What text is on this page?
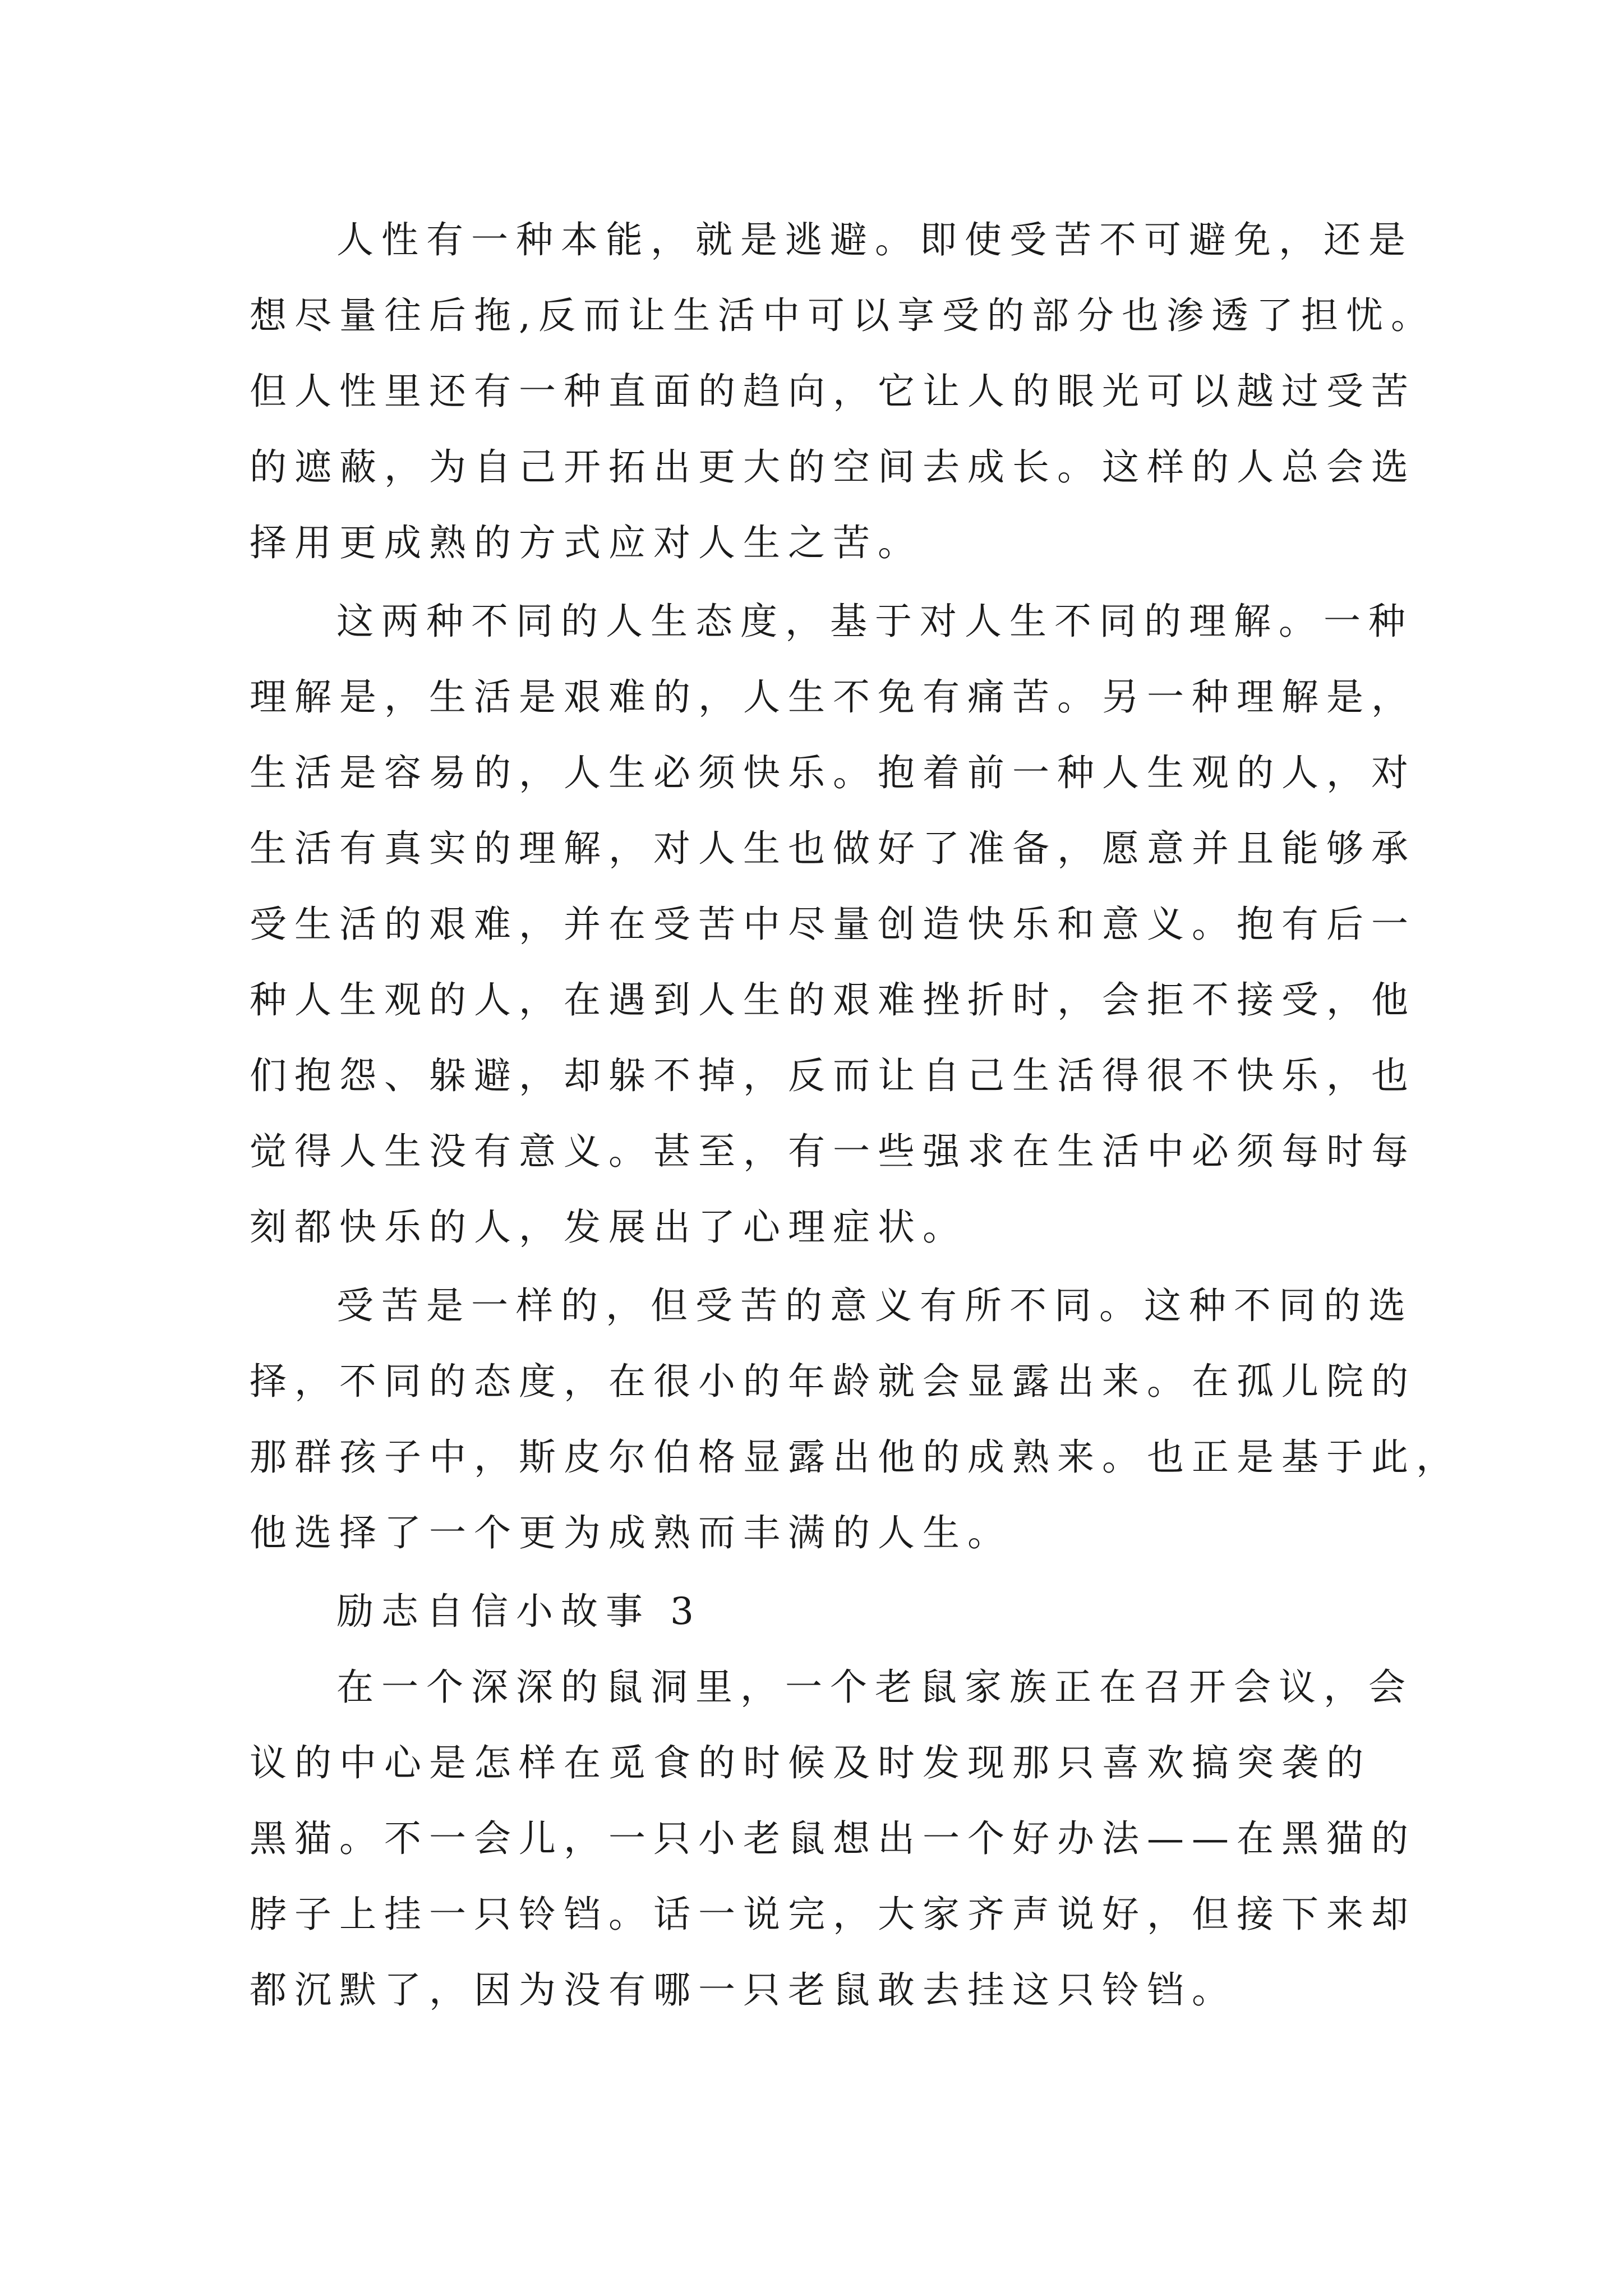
人性有一种本能，就是逃避。即使受苦不可避免，还是

想尽量往后拖,反而让生活中可以享受的部分也渗透了担忧。

但人性里还有一种直面的趋向，它让人的眼光可以越过受苦

的遮蔽，为自己开拓出更大的空间去成长。这样的人总会选

择用更成熟的方式应对人生之苦。

这两种不同的人生态度，基于对人生不同的理解。一种

理解是，生活是艰难的，人生不免有痛苦。另一种理解是，

生活是容易的，人生必须快乐。抱着前一种人生观的人，对

生活有真实的理解，对人生也做好了准备，愿意并且能够承

受生活的艰难，并在受苦中尽量创造快乐和意义。抱有后一

种人生观的人，在遇到人生的艰难挫折时，会拒不接受，他

们抱怨、躲避，却躲不掉，反而让自己生活得很不快乐，也

觉得人生没有意义。甚至，有一些强求在生活中必须每时每

刻都快乐的人，发展出了心理症状。

受苦是一样的，但受苦的意义有所不同。这种不同的选

择，不同的态度，在很小的年龄就会显露出来。在孤儿院的

那群孩子中，斯皮尔伯格显露出他的成熟来。也正是基于此，

他选择了一个更为成熟而丰满的人生。

励志自信小故事 3

在一个深深的鼠洞里，一个老鼠家族正在召开会议，会

议的中心是怎样在觅食的时候及时发现那只喜欢搞突袭的

黑猫。不一会儿，一只小老鼠想出一个好办法——在黑猫的

脖子上挂一只铃铛。话一说完，大家齐声说好，但接下来却

都沉默了，因为没有哪一只老鼠敢去挂这只铃铛。
